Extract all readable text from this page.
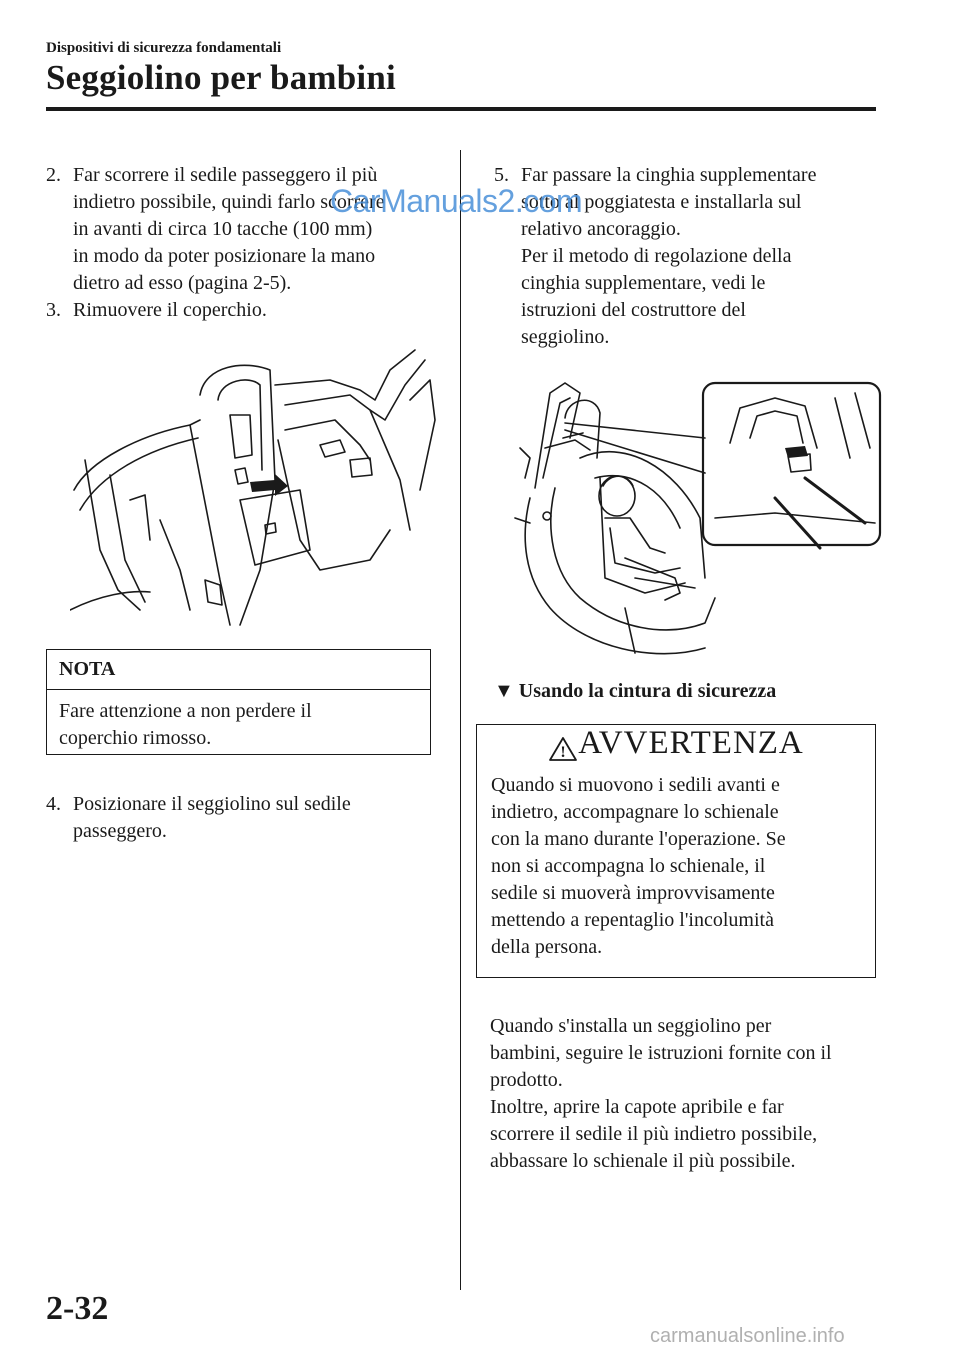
Dispositivi di sicurezza fondamentali
Seggiolino per bambini
2. Far scorrere il sedile passeggero il più
indietro possibile, quindi farlo scorrere
in avanti di circa 10 tacche (100 mm)
in modo da poter posizionare la mano
dietro ad esso (pagina 2-5).
3. Rimuovere il coperchio.
NOTA
Fare attenzione a non perdere il
coperchio rimosso.
4. Posizionare il seggiolino sul sedile
passeggero.
5. Far passare la cinghia supplementare
sotto al poggiatesta e installarla sul
relativo ancoraggio.
Per il metodo di regolazione della
cinghia supplementare, vedi le
istruzioni del costruttore del
seggiolino.
▼ Usando la cintura di sicurezza
! AVVERTENZA
Quando si muovono i sedili avanti e
indietro, accompagnare lo schienale
con la mano durante l'operazione. Se
non si accompagna lo schienale, il
sedile si muoverà improvvisamente
mettendo a repentaglio l'incolumità
della persona.
Quando s'installa un seggiolino per
bambini, seguire le istruzioni fornite con il
prodotto.
Inoltre, aprire la capote apribile e far
scorrere il sedile il più indietro possibile,
abbassare lo schienale il più possibile.
2-32
carmanualsonline.info
CarManuals2.com
